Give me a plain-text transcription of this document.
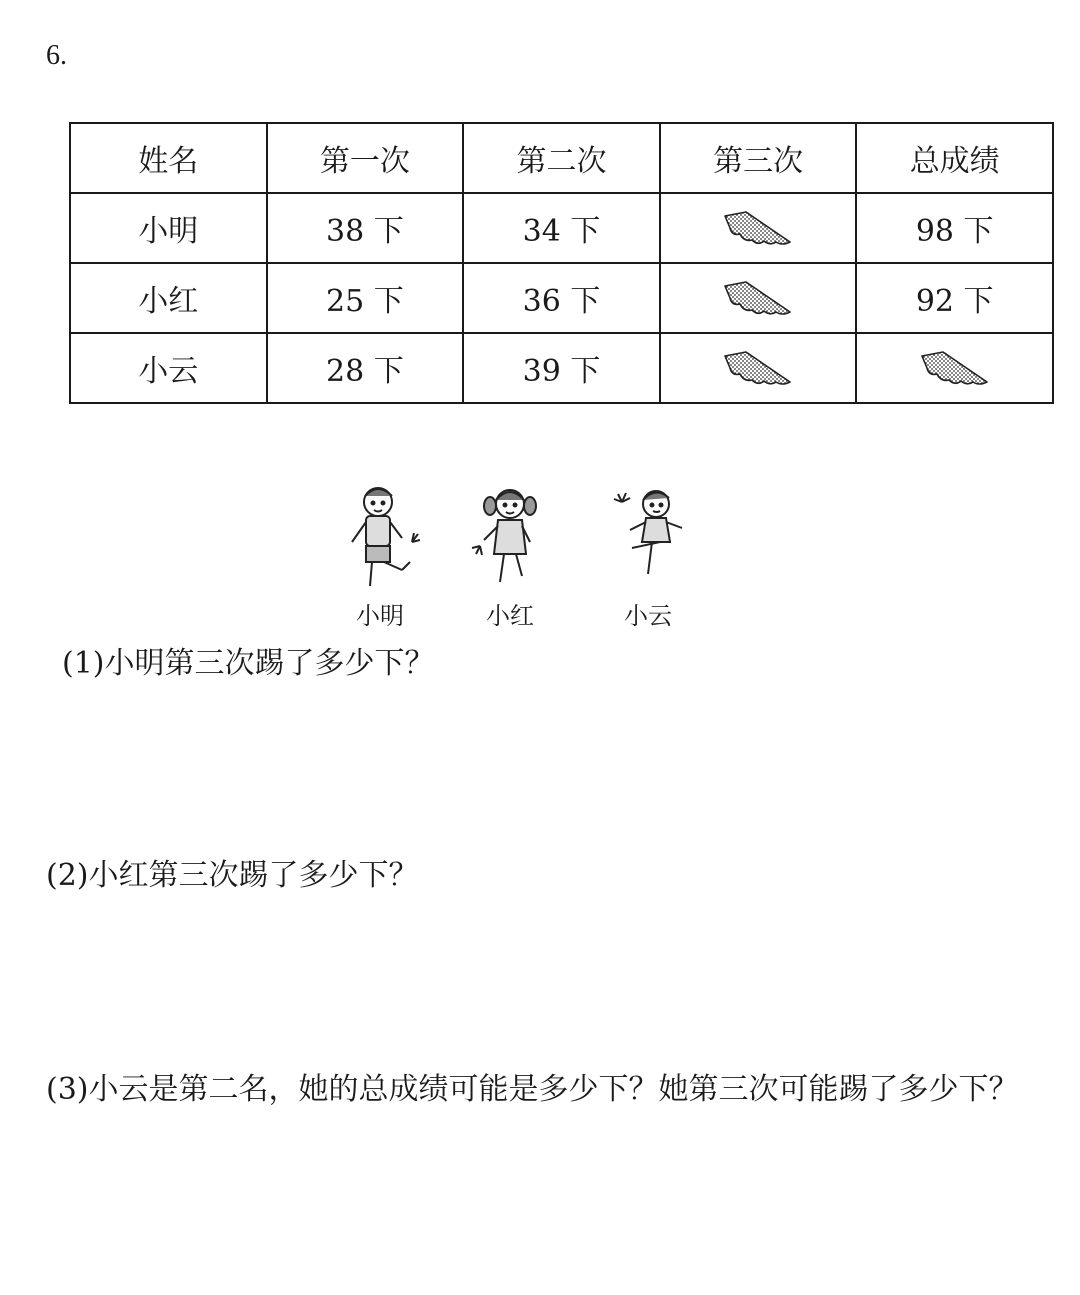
6.
姓名	第一次	第二次	第三次	总成绩
小明	38 下	34 下		98 下
小红	25 下	36 下		92 下
小云	28 下	39 下		
小明	小红	小云
(1)小明第三次踢了多少下？
(2)小红第三次踢了多少下？
(3)小云是第二名，她的总成绩可能是多少下？她第三次可能踢了多少下？
